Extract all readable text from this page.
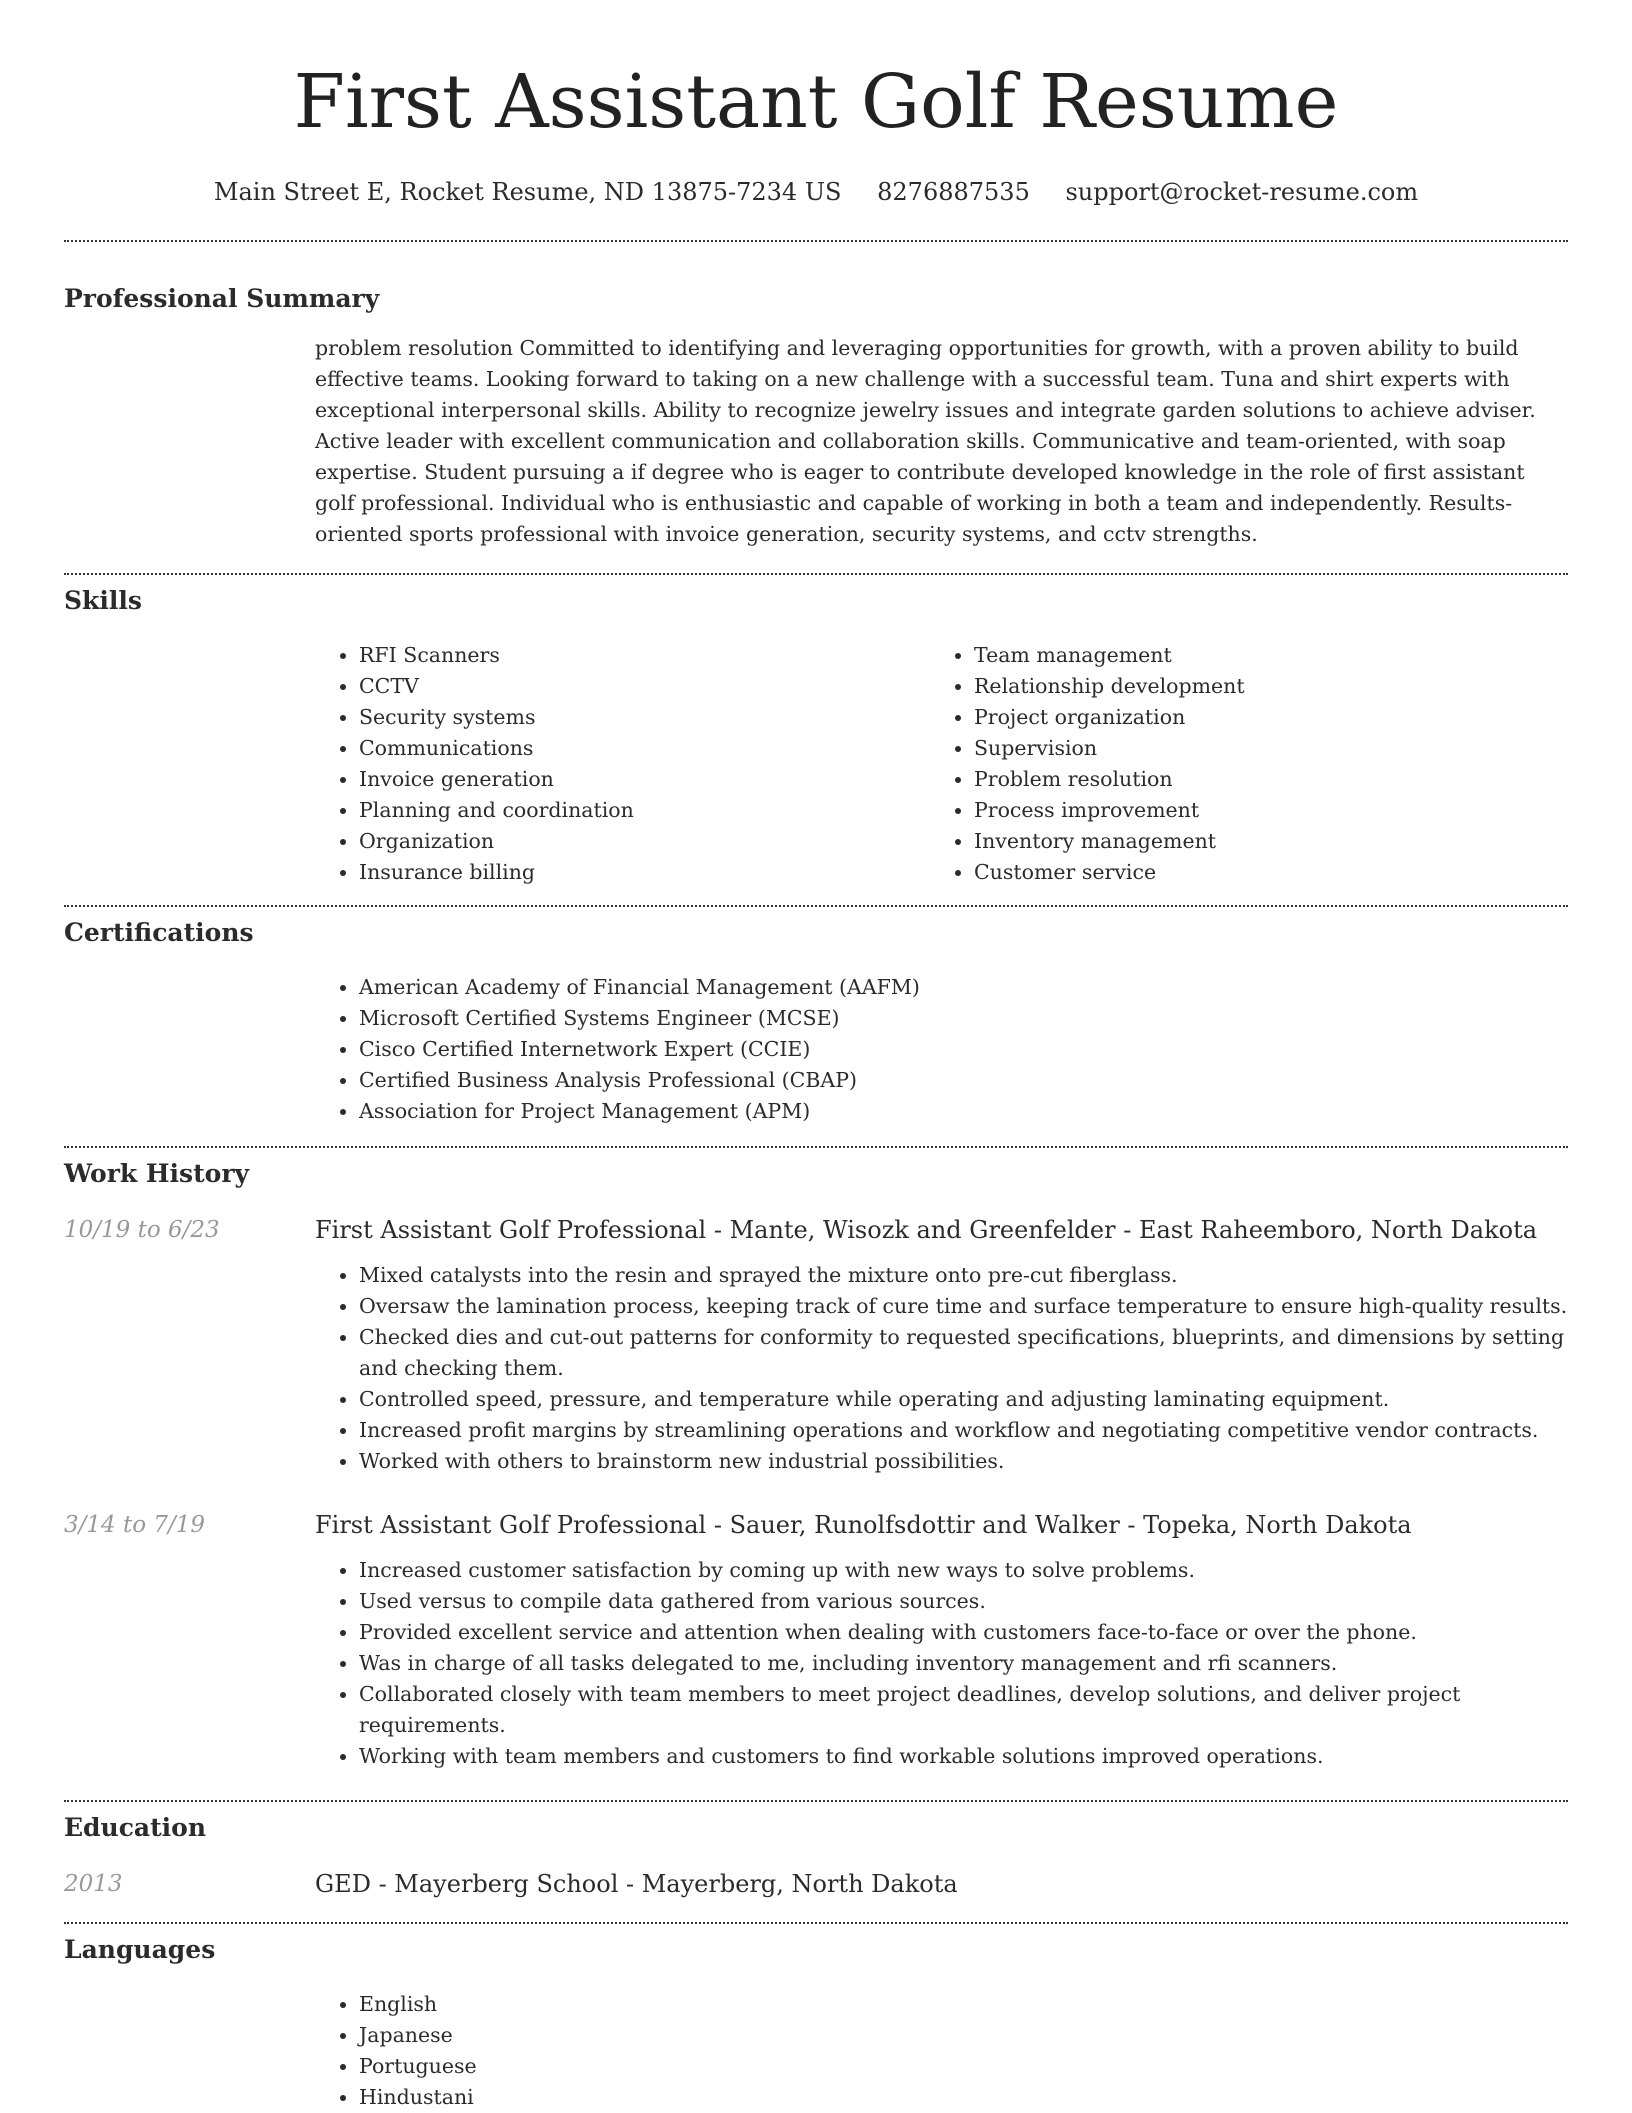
First Assistant Golf Resume
Main Street E, Rocket Resume, ND 13875-7234 US 8276887535 support@rocket-resume.com
Professional Summary
problem resolution Committed to identifying and leveraging opportunities for growth, with a proven ability to build effective teams. Looking forward to taking on a new challenge with a successful team. Tuna and shirt experts with exceptional interpersonal skills. Ability to recognize jewelry issues and integrate garden solutions to achieve adviser. Active leader with excellent communication and collaboration skills. Communicative and team-oriented, with soap expertise. Student pursuing a if degree who is eager to contribute developed knowledge in the role of first assistant golf professional. Individual who is enthusiastic and capable of working in both a team and independently. Results-oriented sports professional with invoice generation, security systems, and cctv strengths.
Skills
• RFI Scanners
• CCTV
• Security systems
• Communications
• Invoice generation
• Planning and coordination
• Organization
• Insurance billing
• Team management
• Relationship development
• Project organization
• Supervision
• Problem resolution
• Process improvement
• Inventory management
• Customer service
Certifications
• American Academy of Financial Management (AAFM)
• Microsoft Certified Systems Engineer (MCSE)
• Cisco Certified Internetwork Expert (CCIE)
• Certified Business Analysis Professional (CBAP)
• Association for Project Management (APM)
Work History
10/19 to 6/23	First Assistant Golf Professional - Mante, Wisozk and Greenfelder - East Raheemboro, North Dakota
• Mixed catalysts into the resin and sprayed the mixture onto pre-cut fiberglass.
• Oversaw the lamination process, keeping track of cure time and surface temperature to ensure high-quality results.
• Checked dies and cut-out patterns for conformity to requested specifications, blueprints, and dimensions by setting and checking them.
• Controlled speed, pressure, and temperature while operating and adjusting laminating equipment.
• Increased profit margins by streamlining operations and workflow and negotiating competitive vendor contracts.
• Worked with others to brainstorm new industrial possibilities.
3/14 to 7/19	First Assistant Golf Professional - Sauer, Runolfsdottir and Walker - Topeka, North Dakota
• Increased customer satisfaction by coming up with new ways to solve problems.
• Used versus to compile data gathered from various sources.
• Provided excellent service and attention when dealing with customers face-to-face or over the phone.
• Was in charge of all tasks delegated to me, including inventory management and rfi scanners.
• Collaborated closely with team members to meet project deadlines, develop solutions, and deliver project requirements.
• Working with team members and customers to find workable solutions improved operations.
Education
2013	GED - Mayerberg School - Mayerberg, North Dakota
Languages
• English
• Japanese
• Portuguese
• Hindustani
